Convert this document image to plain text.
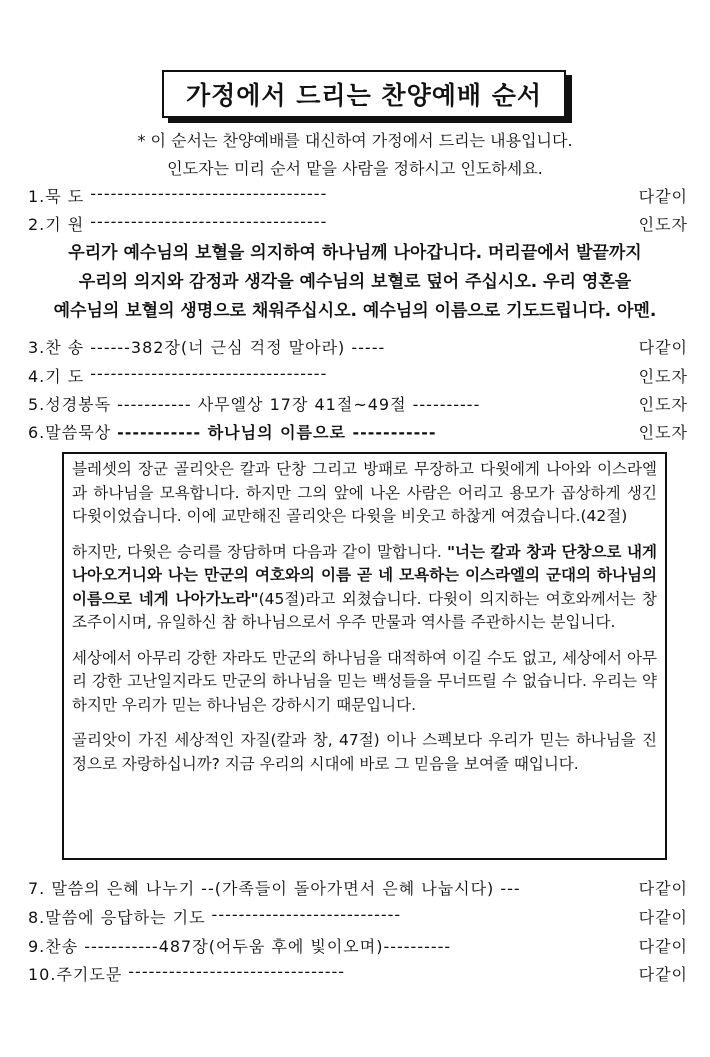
가정에서 드리는 찬양예배 순서
* 이 순서는 찬양예배를 대신하여 가정에서 드리는 내용입니다.
인도자는 미리 순서 맡을 사람을 정하시고 인도하세요.
1.묵 도 -----------------------------------	다같이
2.기 원 -----------------------------------	인도자
우리가 예수님의 보혈을 의지하여 하나님께 나아갑니다. 머리끝에서 발끝까지
우리의 의지와 감정과 생각을 예수님의 보혈로 덮어 주십시오. 우리 영혼을
예수님의 보혈의 생명으로 채워주십시오. 예수님의 이름으로 기도드립니다. 아멘.
3.찬 송 ------382장(너 근심 걱정 말아라) -----	다같이
4.기 도 -----------------------------------	인도자
5.성경봉독 ----------- 사무엘상 17장 41절~49절 ----------	인도자
6.말씀묵상 ----------- 하나님의 이름으로 -----------	인도자

블레셋의 장군 골리앗은 칼과 단창 그리고 방패로 무장하고 다윗에게 나아와 이스라엘과 하나님을 모욕합니다. 하지만 그의 앞에 나온 사람은 어리고 용모가 곱상하게 생긴 다윗이었습니다. 이에 교만해진 골리앗은 다윗을 비웃고 하찮게 여겼습니다.(42절)

하지만, 다윗은 승리를 장담하며 다음과 같이 말합니다. "너는 칼과 창과 단창으로 내게 나아오거니와 나는 만군의 여호와의 이름 곧 네 모욕하는 이스라엘의 군대의 하나님의 이름으로 네게 나아가노라"(45절)라고 외쳤습니다. 다윗이 의지하는 여호와께서는 창조주이시며, 유일하신 참 하나님으로서 우주 만물과 역사를 주관하시는 분입니다.

세상에서 아무리 강한 자라도 만군의 하나님을 대적하여 이길 수도 없고, 세상에서 아무리 강한 고난일지라도 만군의 하나님을 믿는 백성들을 무너뜨릴 수 없습니다. 우리는 약하지만 우리가 믿는 하나님은 강하시기 때문입니다.

골리앗이 가진 세상적인 자질(칼과 창, 47절) 이나 스펙보다 우리가 믿는 하나님을 진정으로 자랑하십니까? 지금 우리의 시대에 바로 그 믿음을 보여줄 때입니다.

7. 말씀의 은혜 나누기 --(가족들이 돌아가면서 은혜 나눕시다) ---	다같이
8.말씀에 응답하는 기도 ----------------------------	다같이
9.찬송 -----------487장(어두움 후에 빛이오며)----------	다같이
10.주기도문 --------------------------------	다같이
